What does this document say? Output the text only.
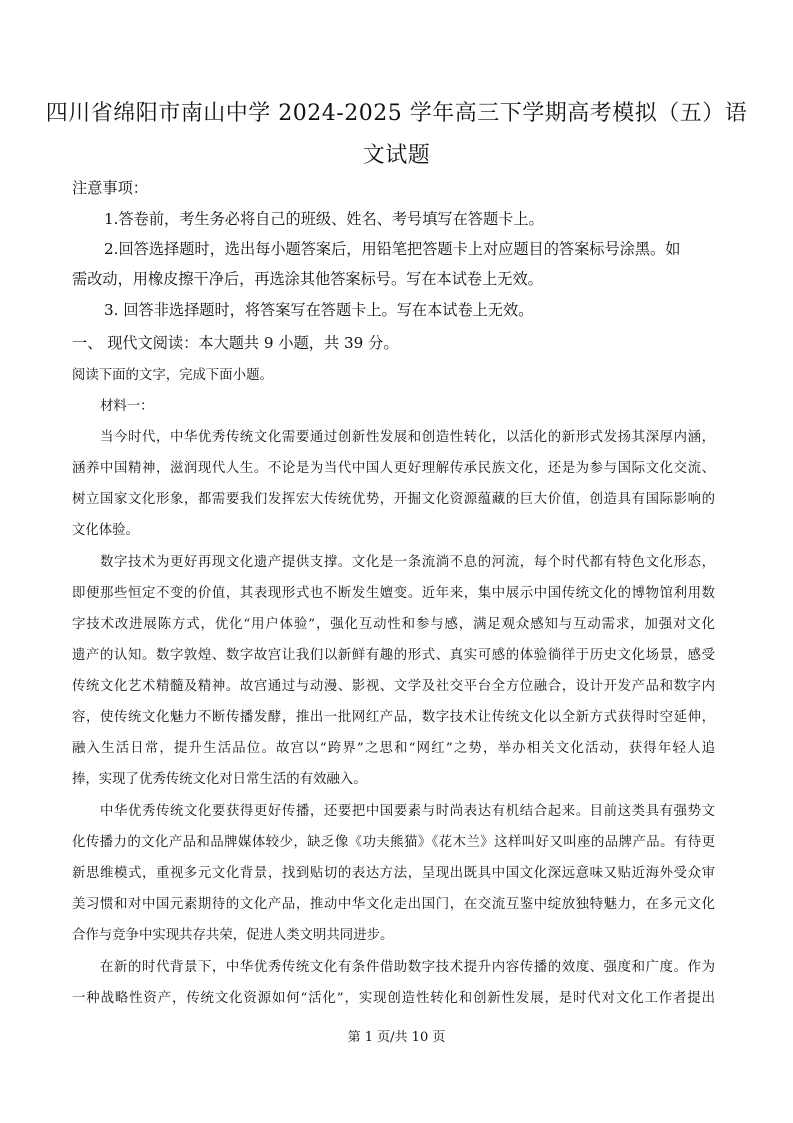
四川省绵阳市南山中学 2024-2025 学年高三下学期高考模拟（五）语
文试题
注意事项：
1.答卷前，考生务必将自己的班级、姓名、考号填写在答题卡上。
2.回答选择题时，选出每小题答案后，用铅笔把答题卡上对应题目的答案标号涂黑。如
需改动，用橡皮擦干净后，再选涂其他答案标号。写在本试卷上无效。
3. 回答非选择题时，将答案写在答题卡上。写在本试卷上无效。
一、 现代文阅读：本大题共 9 小题，共 39 分。
阅读下面的文字，完成下面小题。
材料一：
当今时代，中华优秀传统文化需要通过创新性发展和创造性转化，以活化的新形式发扬其深厚内涵，
涵养中国精神，滋润现代人生。不论是为当代中国人更好理解传承民族文化，还是为参与国际文化交流、
树立国家文化形象，都需要我们发挥宏大传统优势，开掘文化资源蕴藏的巨大价值，创造具有国际影响的
文化体验。
数字技术为更好再现文化遗产提供支撑。文化是一条流淌不息的河流，每个时代都有特色文化形态，
即便那些恒定不变的价值，其表现形式也不断发生嬗变。近年来，集中展示中国传统文化的博物馆利用数
字技术改进展陈方式，优化“用户体验”，强化互动性和参与感，满足观众感知与互动需求，加强对文化
遗产的认知。数字敦煌、数字故宫让我们以新鲜有趣的形式、真实可感的体验徜徉于历史文化场景，感受
传统文化艺术精髓及精神。故宫通过与动漫、影视、文学及社交平台全方位融合，设计开发产品和数字内
容，使传统文化魅力不断传播发酵，推出一批网红产品，数字技术让传统文化以全新方式获得时空延伸，
融入生活日常，提升生活品位。故宫以“跨界”之思和“网红”之势，举办相关文化活动，获得年轻人追
捧，实现了优秀传统文化对日常生活的有效融入。
中华优秀传统文化要获得更好传播，还要把中国要素与时尚表达有机结合起来。目前这类具有强势文
化传播力的文化产品和品牌媒体较少，缺乏像《功夫熊猫》《花木兰》这样叫好又叫座的品牌产品。有待更
新思维模式，重视多元文化背景，找到贴切的表达方法，呈现出既具中国文化深远意味又贴近海外受众审
美习惯和对中国元素期待的文化产品，推动中华文化走出国门，在交流互鉴中绽放独特魅力，在多元文化
合作与竞争中实现共存共荣，促进人类文明共同进步。
在新的时代背景下，中华优秀传统文化有条件借助数字技术提升内容传播的效度、强度和广度。作为
一种战略性资产，传统文化资源如何“活化”，实现创造性转化和创新性发展，是时代对文化工作者提出
第 1 页/共 10 页
